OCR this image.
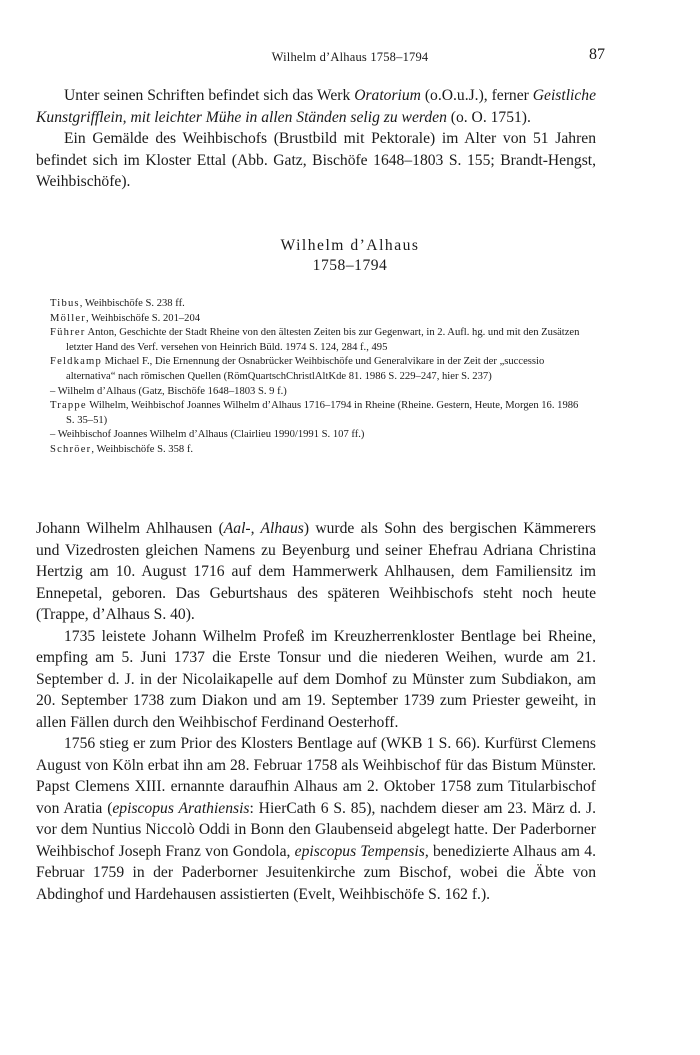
Wilhelm d’Alhaus 1758–1794	87

Unter seinen Schriften befindet sich das Werk Oratorium (o.O.u.J.), ferner Geistliche Kunstgrifflein, mit leichter Mühe in allen Ständen selig zu werden (o. O. 1751).

Ein Gemälde des Weihbischofs (Brustbild mit Pektorale) im Alter von 51 Jahren befindet sich im Kloster Ettal (Abb. Gatz, Bischöfe 1648–1803 S. 155; Brandt-Hengst, Weihbischöfe).

Wilhelm d’Alhaus
1758–1794

Tibus, Weihbischöfe S. 238 ff.

Möller, Weihbischöfe S. 201–204

Führer Anton, Geschichte der Stadt Rheine von den ältesten Zeiten bis zur Gegenwart, in 2. Aufl. hg. und mit den Zusätzen letzter Hand des Verf. versehen von Heinrich Büld. 1974 S. 124, 284 f., 495

Feldkamp Michael F., Die Ernennung der Osnabrücker Weihbischöfe und Generalvikare in der Zeit der „successio alternativa“ nach römischen Quellen (RömQuartschChristlAltKde 81. 1986 S. 229–247, hier S. 237)

– Wilhelm d’Alhaus (Gatz, Bischöfe 1648–1803 S. 9 f.)

Trappe Wilhelm, Weihbischof Joannes Wilhelm d’Alhaus 1716–1794 in Rheine (Rheine. Gestern, Heute, Morgen 16. 1986 S. 35–51)

– Weihbischof Joannes Wilhelm d’Alhaus (Clairlieu 1990/1991 S. 107 ff.)

Schröer, Weihbischöfe S. 358 f.

Johann Wilhelm Ahlhausen (Aal-, Alhaus) wurde als Sohn des bergischen Kämmerers und Vizedrosten gleichen Namens zu Beyenburg und seiner Ehefrau Adriana Christina Hertzig am 10. August 1716 auf dem Hammerwerk Ahlhausen, dem Familiensitz im Ennepetal, geboren. Das Geburtshaus des späteren Weihbischofs steht noch heute (Trappe, d’Alhaus S. 40).

1735 leistete Johann Wilhelm Profeß im Kreuzherrenkloster Bentlage bei Rheine, empfing am 5. Juni 1737 die Erste Tonsur und die niederen Weihen, wurde am 21. September d. J. in der Nicolaikapelle auf dem Domhof zu Münster zum Subdiakon, am 20. September 1738 zum Diakon und am 19. September 1739 zum Priester geweiht, in allen Fällen durch den Weihbischof Ferdinand Oesterhoff.

1756 stieg er zum Prior des Klosters Bentlage auf (WKB 1 S. 66). Kurfürst Clemens August von Köln erbat ihn am 28. Februar 1758 als Weihbischof für das Bistum Münster. Papst Clemens XIII. ernannte daraufhin Alhaus am 2. Oktober 1758 zum Titularbischof von Aratia (episcopus Arathiensis: HierCath 6 S. 85), nachdem dieser am 23. März d. J. vor dem Nuntius Niccolò Oddi in Bonn den Glaubenseid abgelegt hatte. Der Paderborner Weihbischof Joseph Franz von Gondola, episcopus Tempensis, benedizierte Alhaus am 4. Februar 1759 in der Paderborner Jesuitenkirche zum Bischof, wobei die Äbte von Abdinghof und Hardehausen assistierten (Evelt, Weihbischöfe S. 162 f.).
